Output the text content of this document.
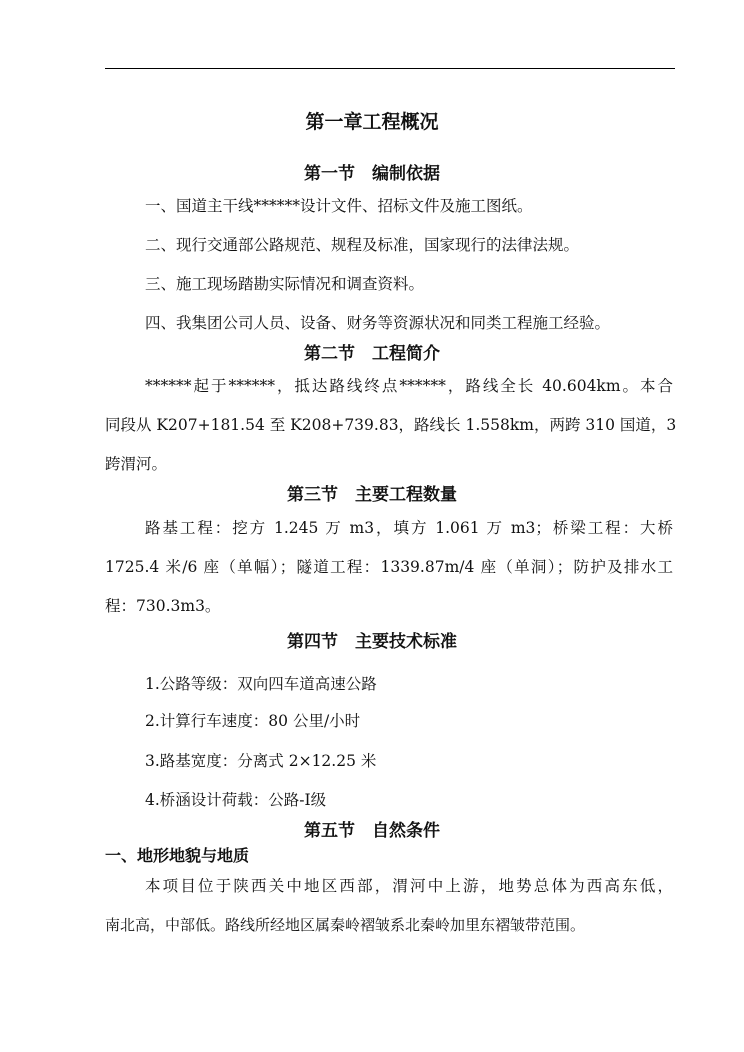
第一章工程概况
第一节　编制依据

一、国道主干线******设计文件、招标文件及施工图纸。

二、现行交通部公路规范、规程及标准，国家现行的法律法规。

三、施工现场踏勘实际情况和调查资料。

四、我集团公司人员、设备、财务等资源状况和同类工程施工经验。

第二节　工程简介

******起于******，抵达路线终点******，路线全长 40.604km。本合

同段从 K207+181.54 至 K208+739.83，路线长 1.558km，两跨 310 国道，3

跨渭河。

第三节　主要工程数量

路基工程：挖方 1.245 万 m3，填方 1.061 万 m3；桥梁工程：大桥

1725.4 米/6 座（单幅）；隧道工程：1339.87m/4 座（单洞）；防护及排水工

程：730.3m3。

第四节　主要技术标准

1.公路等级：双向四车道高速公路

2.计算行车速度：80 公里/小时

3.路基宽度：分离式 2×12.25 米

4.桥涵设计荷载：公路-Ⅰ级

第五节　自然条件
一、地形地貌与地质

本项目位于陕西关中地区西部，渭河中上游，地势总体为西高东低，

南北高，中部低。路线所经地区属秦岭褶皱系北秦岭加里东褶皱带范围。
